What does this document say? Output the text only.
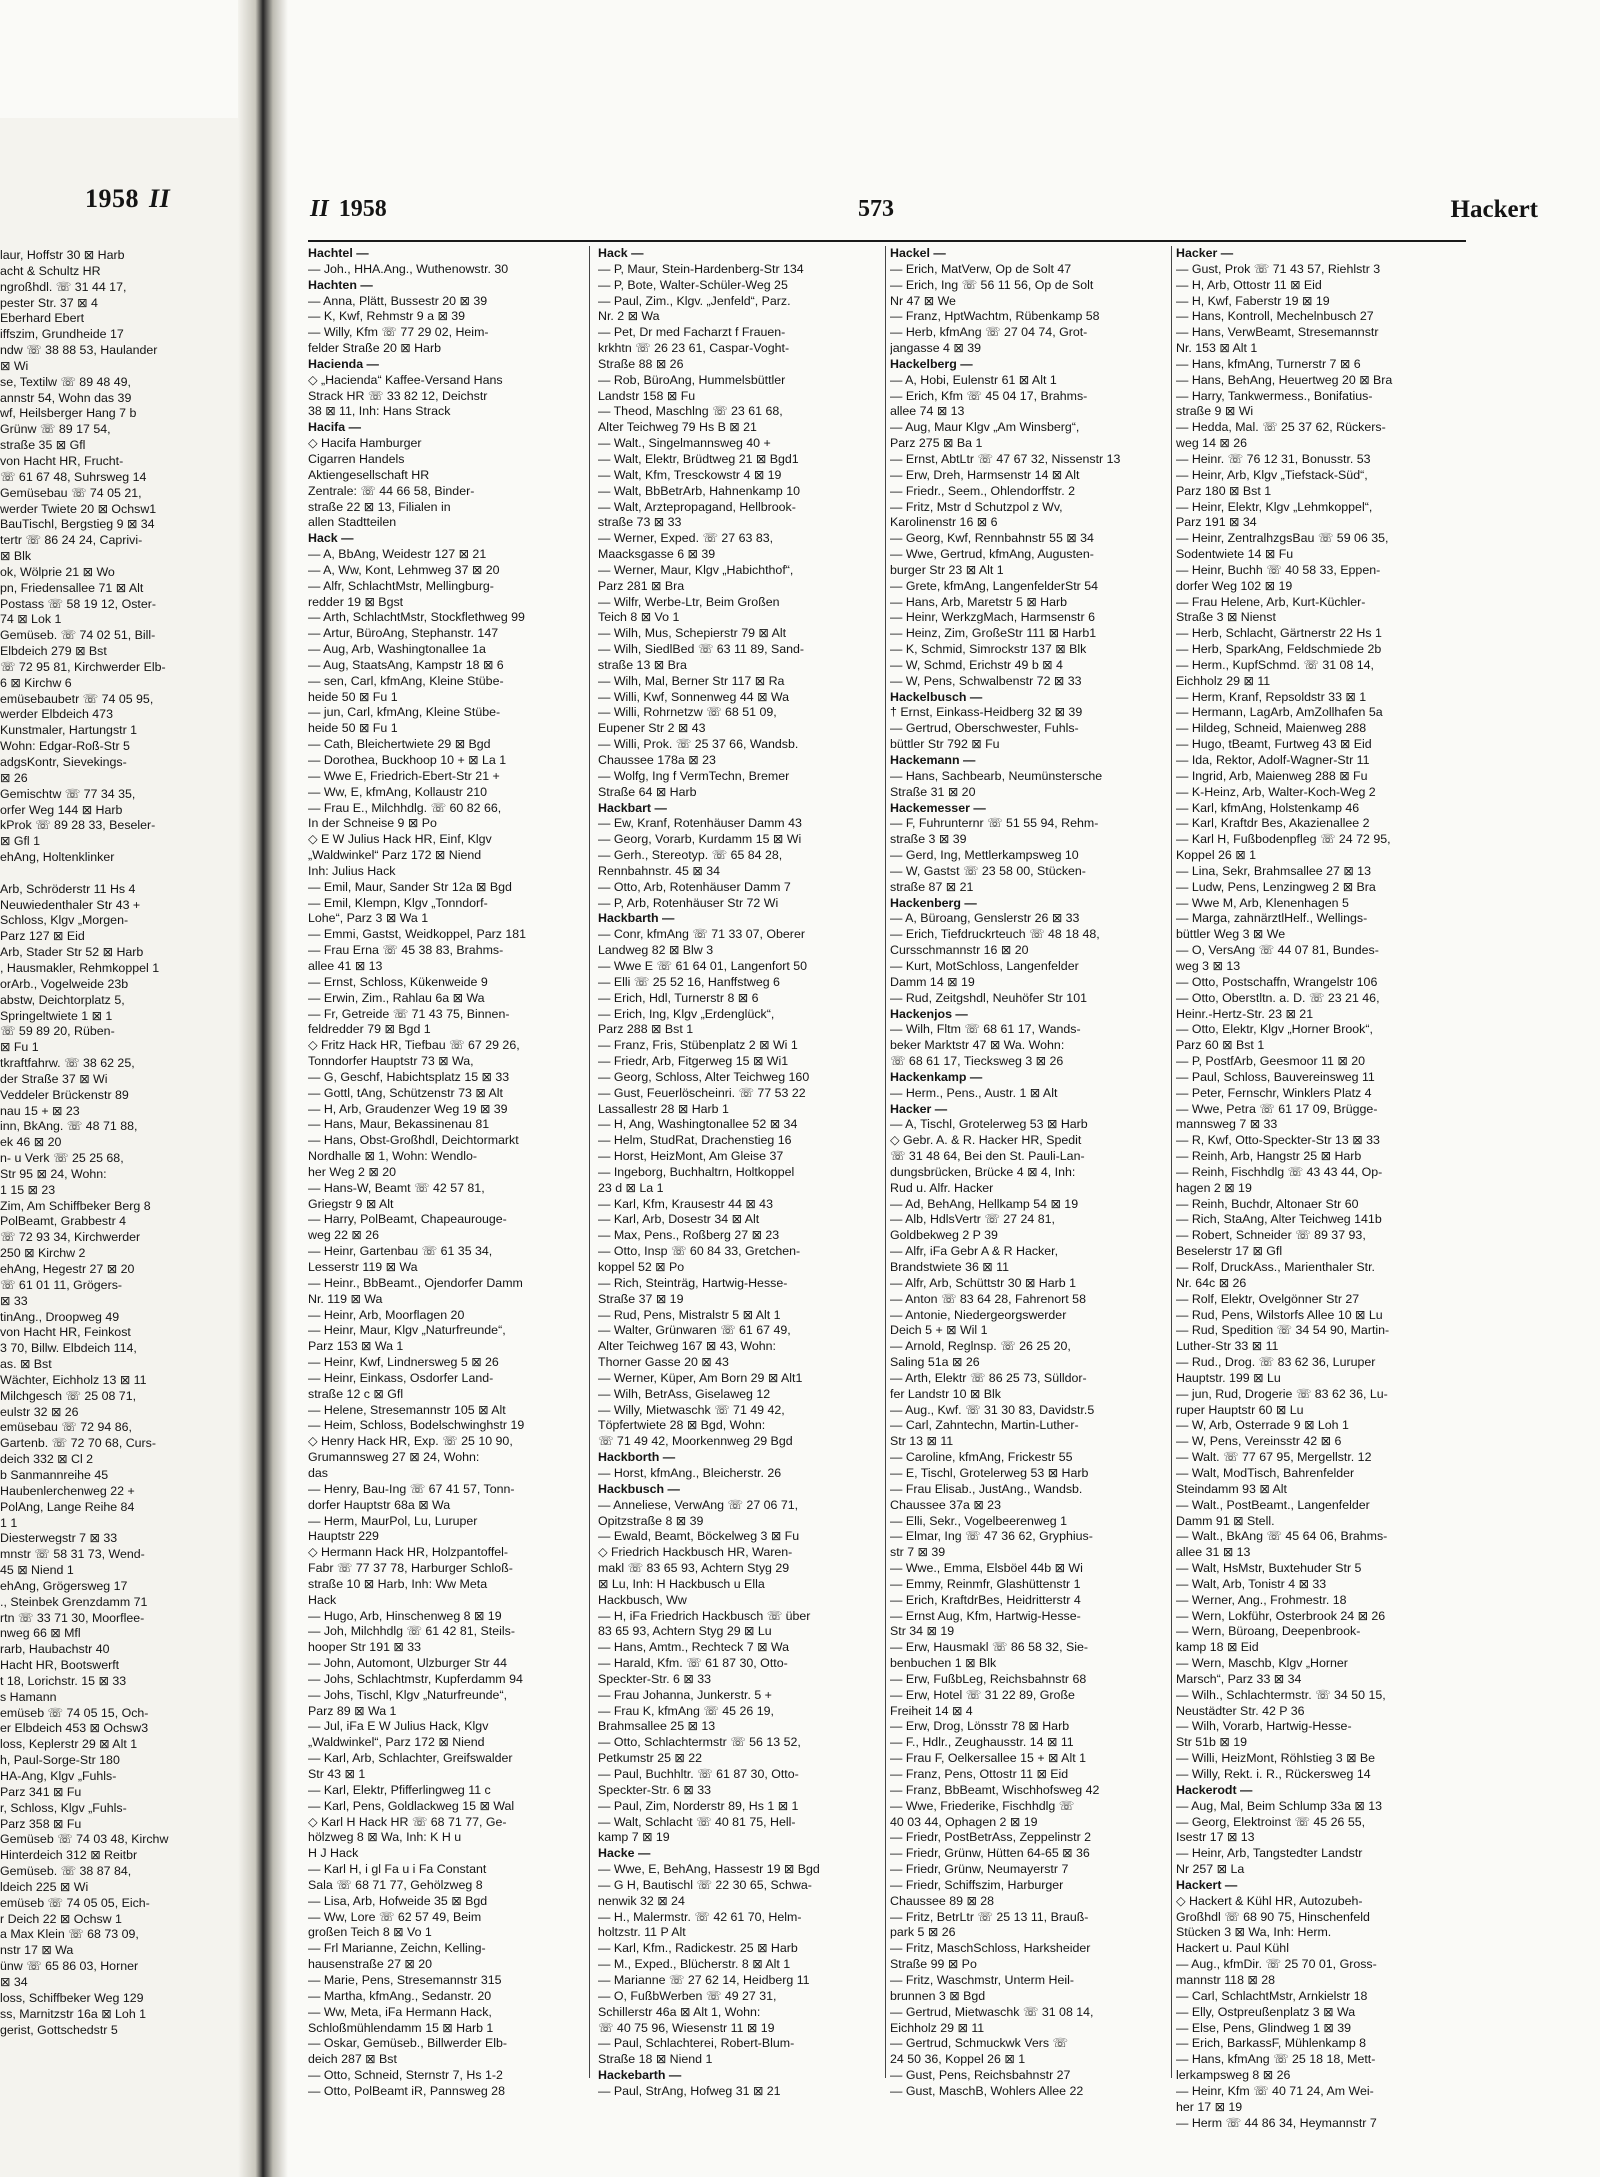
1958 II
laur, Hoffstr 30 ⊠ Harb
acht & Schultz HR
ngroßhdl. ☏ 31 44 17,
pester Str. 37 ⊠ 4
Eberhard Ebert
iffszim, Grundheide 17
ndw ☏ 38 88 53, Haulander
⊠ Wi
se, Textilw ☏ 89 48 49,
annstr 54, Wohn das 39
wf, Heilsberger Hang 7 b
Grünw ☏ 89 17 54,
straße 35 ⊠ Gfl
von Hacht HR, Frucht-
☏ 61 67 48, Suhrsweg 14
Gemüsebau ☏ 74 05 21,
werder Twiete 20 ⊠ Ochsw1
BauTischl, Bergstieg 9 ⊠ 34
tertr ☏ 86 24 24, Caprivi-
⊠ Blk
ok, Wölprie 21 ⊠ Wo
pn, Friedensallee 71 ⊠ Alt
Postass ☏ 58 19 12, Oster-
74 ⊠ Lok 1
Gemüseb. ☏ 74 02 51, Bill-
Elbdeich 279 ⊠ Bst
☏ 72 95 81, Kirchwerder Elb-
6 ⊠ Kirchw 6
emüsebaubetr ☏ 74 05 95,
werder Elbdeich 473
Kunstmaler, Hartungstr 1
Wohn: Edgar-Roß-Str 5
adgsKontr, Sievekings-
⊠ 26
Gemischtw ☏ 77 34 35,
orfer Weg 144 ⊠ Harb
kProk ☏ 89 28 33, Beseler-
⊠ Gfl 1
ehAng, Holtenklinker

Arb, Schröderstr 11 Hs 4
Neuwiedenthaler Str 43 +
Schloss, Klgv „Morgen-
Parz 127 ⊠ Eid
Arb, Stader Str 52 ⊠ Harb
, Hausmakler, Rehmkoppel 1
orArb., Vogelweide 23b
abstw, Deichtorplatz 5,
Springeltwiete 1 ⊠ 1
☏ 59 89 20, Rüben-
⊠ Fu 1
tkraftfahrw. ☏ 38 62 25,
der Straße 37 ⊠ Wi
Veddeler Brückenstr 89
nau 15 + ⊠ 23
inn, BkAng. ☏ 48 71 88,
ek 46 ⊠ 20
n- u Verk ☏ 25 25 68,
Str 95 ⊠ 24, Wohn:
1 15 ⊠ 23
Zim, Am Schiffbeker Berg 8
PolBeamt, Grabbestr 4
☏ 72 93 34, Kirchwerder
250 ⊠ Kirchw 2
ehAng, Hegestr 27 ⊠ 20
☏ 61 01 11, Grögers-
⊠ 33
tinAng., Droopweg 49
von Hacht HR, Feinkost
3 70, Billw. Elbdeich 114,
as. ⊠ Bst
Wächter, Eichholz 13 ⊠ 11
Milchgesch ☏ 25 08 71,
eulstr 32 ⊠ 26
emüsebau ☏ 72 94 86,
Gartenb. ☏ 72 70 68, Curs-
deich 332 ⊠ Cl 2
b Sanmannreihe 45
Haubenlerchenweg 22 +
PolAng, Lange Reihe 84
1 1
Diesterwegstr 7 ⊠ 33
mnstr ☏ 58 31 73, Wend-
45 ⊠ Niend 1
ehAng, Grögersweg 17
., Steinbek Grenzdamm 71
rtn ☏ 33 71 30, Moorflee-
nweg 66 ⊠ Mfl
rarb, Haubachstr 40
Hacht HR, Bootswerft
t 18, Lorichstr. 15 ⊠ 33
s Hamann
emüseb ☏ 74 05 15, Och-
er Elbdeich 453 ⊠ Ochsw3
loss, Keplerstr 29 ⊠ Alt 1
h, Paul-Sorge-Str 180
HA-Ang, Klgv „Fuhls-
Parz 341 ⊠ Fu
r, Schloss, Klgv „Fuhls-
Parz 358 ⊠ Fu
Gemüseb ☏ 74 03 48, Kirchw
Hinterdeich 312 ⊠ Reitbr
Gemüseb. ☏ 38 87 84,
ldeich 225 ⊠ Wi
emüseb ☏ 74 05 05, Eich-
r Deich 22 ⊠ Ochsw 1
a Max Klein ☏ 68 73 09,
nstr 17 ⊠ Wa
ünw ☏ 65 86 03, Horner
⊠ 34
loss, Schiffbeker Weg 129
ss, Marnitzstr 16a ⊠ Loh 1
gerist, Gottschedstr 5
II 1958	573	Hackert
Hachtel —
— Joh., HHA.Ang., Wuthenowstr. 30
Hachten —
— Anna, Plätt, Bussestr 20 ⊠ 39
— K, Kwf, Rehmstr 9 a ⊠ 39
— Willy, Kfm ☏ 77 29 02, Heim-
felder Straße 20 ⊠ Harb
Hacienda —
◇ „Hacienda“ Kaffee-Versand Hans
Strack HR ☏ 33 82 12, Deichstr
38 ⊠ 11, Inh: Hans Strack
Hacifa —
◇ Hacifa Hamburger
Cigarren Handels
Aktiengesellschaft HR
Zentrale: ☏ 44 66 58, Binder-
straße 22 ⊠ 13, Filialen in
allen Stadtteilen
Hack —
— A, BbAng, Weidestr 127 ⊠ 21
— A, Ww, Kont, Lehmweg 37 ⊠ 20
— Alfr, SchlachtMstr, Mellingburg-
redder 19 ⊠ Bgst
— Arth, SchlachtMstr, Stockflethweg 99
— Artur, BüroAng, Stephanstr. 147
— Aug, Arb, Washingtonallee 1a
— Aug, StaatsAng, Kampstr 18 ⊠ 6
— sen, Carl, kfmAng, Kleine Stübe-
heide 50 ⊠ Fu 1
— jun, Carl, kfmAng, Kleine Stübe-
heide 50 ⊠ Fu 1
— Cath, Bleichertwiete 29 ⊠ Bgd
— Dorothea, Buckhoop 10 + ⊠ La 1
— Wwe E, Friedrich-Ebert-Str 21 +
— Ww, E, kfmAng, Kollaustr 210
— Frau E., Milchhdlg. ☏ 60 82 66,
In der Schneise 9 ⊠ Po
◇ E W Julius Hack HR, Einf, Klgv
„Waldwinkel“ Parz 172 ⊠ Niend
Inh: Julius Hack
— Emil, Maur, Sander Str 12a ⊠ Bgd
— Emil, Klempn, Klgv „Tonndorf-
Lohe“, Parz 3 ⊠ Wa 1
— Emmi, Gastst, Weidkoppel, Parz 181
— Frau Erna ☏ 45 38 83, Brahms-
allee 41 ⊠ 13
— Ernst, Schloss, Kükenweide 9
— Erwin, Zim., Rahlau 6a ⊠ Wa
— Fr, Getreide ☏ 71 43 75, Binnen-
feldredder 79 ⊠ Bgd 1
◇ Fritz Hack HR, Tiefbau ☏ 67 29 26,
Tonndorfer Hauptstr 73 ⊠ Wa,
— G, Geschf, Habichtsplatz 15 ⊠ 33
— Gottl, tAng, Schützenstr 73 ⊠ Alt
— H, Arb, Graudenzer Weg 19 ⊠ 39
— Hans, Maur, Bekassinenau 81
— Hans, Obst-Großhdl, Deichtormarkt
Nordhalle ⊠ 1, Wohn: Wendlo-
her Weg 2 ⊠ 20
— Hans-W, Beamt ☏ 42 57 81,
Griegstr 9 ⊠ Alt
— Harry, PolBeamt, Chapeaurouge-
weg 22 ⊠ 26
— Heinr, Gartenbau ☏ 61 35 34,
Lesserstr 119 ⊠ Wa
— Heinr., BbBeamt., Ojendorfer Damm
Nr. 119 ⊠ Wa
— Heinr, Arb, Moorflagen 20
— Heinr, Maur, Klgv „Naturfreunde“,
Parz 153 ⊠ Wa 1
— Heinr, Kwf, Lindnersweg 5 ⊠ 26
— Heinr, Einkass, Osdorfer Land-
straße 12 c ⊠ Gfl
— Helene, Stresemannstr 105 ⊠ Alt
— Heim, Schloss, Bodelschwinghstr 19
◇ Henry Hack HR, Exp. ☏ 25 10 90,
Grumannsweg 27 ⊠ 24, Wohn:
das
— Henry, Bau-Ing ☏ 67 41 57, Tonn-
dorfer Hauptstr 68a ⊠ Wa
— Herm, MaurPol, Lu, Luruper
Hauptstr 229
◇ Hermann Hack HR, Holzpantoffel-
Fabr ☏ 77 37 78, Harburger Schloß-
straße 10 ⊠ Harb, Inh: Ww Meta
Hack
— Hugo, Arb, Hinschenweg 8 ⊠ 19
— Joh, Milchhdlg ☏ 61 42 81, Steils-
hooper Str 191 ⊠ 33
— John, Automont, Ulzburger Str 44
— Johs, Schlachtmstr, Kupferdamm 94
— Johs, Tischl, Klgv „Naturfreunde“,
Parz 89 ⊠ Wa 1
— Jul, iFa E W Julius Hack, Klgv
„Waldwinkel“, Parz 172 ⊠ Niend
— Karl, Arb, Schlachter, Greifswalder
Str 43 ⊠ 1
— Karl, Elektr, Pfifferlingweg 11 c
— Karl, Pens, Goldlackweg 15 ⊠ Wal
◇ Karl H Hack HR ☏ 68 71 77, Ge-
hölzweg 8 ⊠ Wa, Inh: K H u
H J Hack
— Karl H, i gl Fa u i Fa Constant
Sala ☏ 68 71 77, Gehölzweg 8
— Lisa, Arb, Hofweide 35 ⊠ Bgd
— Ww, Lore ☏ 62 57 49, Beim
großen Teich 8 ⊠ Vo 1
— Frl Marianne, Zeichn, Kelling-
hausenstraße 27 ⊠ 20
— Marie, Pens, Stresemannstr 315
— Martha, kfmAng., Sedanstr. 20
— Ww, Meta, iFa Hermann Hack,
Schloßmühlendamm 15 ⊠ Harb 1
— Oskar, Gemüseb., Billwerder Elb-
deich 287 ⊠ Bst
— Otto, Schneid, Sternstr 7, Hs 1-2
— Otto, PolBeamt iR, Pannsweg 28
Hack —
— P, Maur, Stein-Hardenberg-Str 134
— P, Bote, Walter-Schüler-Weg 25
— Paul, Zim., Klgv. „Jenfeld“, Parz.
Nr. 2 ⊠ Wa
— Pet, Dr med Facharzt f Frauen-
krkhtn ☏ 26 23 61, Caspar-Voght-
Straße 88 ⊠ 26
— Rob, BüroAng, Hummelsbüttler
Landstr 158 ⊠ Fu
— Theod, Maschlng ☏ 23 61 68,
Alter Teichweg 79 Hs B ⊠ 21
— Walt., Singelmannsweg 40 +
— Walt, Elektr, Brüdtweg 21 ⊠ Bgd1
— Walt, Kfm, Tresckowstr 4 ⊠ 19
— Walt, BbBetrArb, Hahnenkamp 10
— Walt, Arztepropagand, Hellbrook-
straße 73 ⊠ 33
— Werner, Exped. ☏ 27 63 83,
Maacksgasse 6 ⊠ 39
— Werner, Maur, Klgv „Habichthof“,
Parz 281 ⊠ Bra
— Wilfr, Werbe-Ltr, Beim Großen
Teich 8 ⊠ Vo 1
— Wilh, Mus, Schepierstr 79 ⊠ Alt
— Wilh, SiedlBed ☏ 63 11 89, Sand-
straße 13 ⊠ Bra
— Wilh, Mal, Berner Str 117 ⊠ Ra
— Willi, Kwf, Sonnenweg 44 ⊠ Wa
— Willi, Rohrnetzw ☏ 68 51 09,
Eupener Str 2 ⊠ 43
— Willi, Prok. ☏ 25 37 66, Wandsb.
Chaussee 178a ⊠ 23
— Wolfg, Ing f VermTechn, Bremer
Straße 64 ⊠ Harb
Hackbart —
— Ew, Kranf, Rotenhäuser Damm 43
— Georg, Vorarb, Kurdamm 15 ⊠ Wi
— Gerh., Stereotyp. ☏ 65 84 28,
Rennbahnstr. 45 ⊠ 34
— Otto, Arb, Rotenhäuser Damm 7
— P, Arb, Rotenhäuser Str 72 Wi
Hackbarth —
— Conr, kfmAng ☏ 71 33 07, Oberer
Landweg 82 ⊠ Blw 3
— Wwe E ☏ 61 64 01, Langenfort 50
— Elli ☏ 25 52 16, Hanffstweg 6
— Erich, Hdl, Turnerstr 8 ⊠ 6
— Erich, Ing, Klgv „Erdenglück“,
Parz 288 ⊠ Bst 1
— Franz, Fris, Stübenplatz 2 ⊠ Wi 1
— Friedr, Arb, Fitgerweg 15 ⊠ Wi1
— Georg, Schloss, Alter Teichweg 160
— Gust, Feuerlöscheinri. ☏ 77 53 22
Lassallestr 28 ⊠ Harb 1
— H, Ang, Washingtonallee 52 ⊠ 34
— Helm, StudRat, Drachenstieg 16
— Horst, HeizMont, Am Gleise 37
— Ingeborg, Buchhaltrn, Holtkoppel
23 d ⊠ La 1
— Karl, Kfm, Krausestr 44 ⊠ 43
— Karl, Arb, Dosestr 34 ⊠ Alt
— Max, Pens., Roßberg 27 ⊠ 23
— Otto, Insp ☏ 60 84 33, Gretchen-
koppel 52 ⊠ Po
— Rich, Steinträg, Hartwig-Hesse-
Straße 37 ⊠ 19
— Rud, Pens, Mistralstr 5 ⊠ Alt 1
— Walter, Grünwaren ☏ 61 67 49,
Alter Teichweg 167 ⊠ 43, Wohn:
Thorner Gasse 20 ⊠ 43
— Werner, Küper, Am Born 29 ⊠ Alt1
— Wilh, BetrAss, Giselaweg 12
— Willy, Mietwaschk ☏ 71 49 42,
Töpfertwiete 28 ⊠ Bgd, Wohn:
☏ 71 49 42, Moorkennweg 29 Bgd
Hackborth —
— Horst, kfmAng., Bleicherstr. 26
Hackbusch —
— Anneliese, VerwAng ☏ 27 06 71,
Opitzstraße 8 ⊠ 39
— Ewald, Beamt, Böckelweg 3 ⊠ Fu
◇ Friedrich Hackbusch HR, Waren-
makl ☏ 83 65 93, Achtern Styg 29
⊠ Lu, Inh: H Hackbusch u Ella
Hackbusch, Ww
— H, iFa Friedrich Hackbusch ☏ über
83 65 93, Achtern Styg 29 ⊠ Lu
— Hans, Amtm., Rechteck 7 ⊠ Wa
— Harald, Kfm. ☏ 61 87 30, Otto-
Speckter-Str. 6 ⊠ 33
— Frau Johanna, Junkerstr. 5 +
— Frau K, kfmAng ☏ 45 26 19,
Brahmsallee 25 ⊠ 13
— Otto, Schlachtermstr ☏ 56 13 52,
Petkumstr 25 ⊠ 22
— Paul, Buchhltr. ☏ 61 87 30, Otto-
Speckter-Str. 6 ⊠ 33
— Paul, Zim, Norderstr 89, Hs 1 ⊠ 1
— Walt, Schlacht ☏ 40 81 75, Hell-
kamp 7 ⊠ 19
Hacke —
— Wwe, E, BehAng, Hassestr 19 ⊠ Bgd
— G H, Bautischl ☏ 22 30 65, Schwa-
nenwik 32 ⊠ 24
— H., Malermstr. ☏ 42 61 70, Helm-
holtzstr. 11 P Alt
— Karl, Kfm., Radickestr. 25 ⊠ Harb
— M., Exped., Blücherstr. 8 ⊠ Alt 1
— Marianne ☏ 27 62 14, Heidberg 11
— O, FußbWerben ☏ 49 27 31,
Schillerstr 46a ⊠ Alt 1, Wohn:
☏ 40 75 96, Wiesenstr 11 ⊠ 19
— Paul, Schlachterei, Robert-Blum-
Straße 18 ⊠ Niend 1
Hackebarth —
— Paul, StrAng, Hofweg 31 ⊠ 21
Hackel —
— Erich, MatVerw, Op de Solt 47
— Erich, Ing ☏ 56 11 56, Op de Solt
Nr 47 ⊠ We
— Franz, HptWachtm, Rübenkamp 58
— Herb, kfmAng ☏ 27 04 74, Grot-
jangasse 4 ⊠ 39
Hackelberg —
— A, Hobi, Eulenstr 61 ⊠ Alt 1
— Erich, Kfm ☏ 45 04 17, Brahms-
allee 74 ⊠ 13
— Aug, Maur Klgv „Am Winsberg“,
Parz 275 ⊠ Ba 1
— Ernst, AbtLtr ☏ 47 67 32, Nissenstr 13
— Erw, Dreh, Harmsenstr 14 ⊠ Alt
— Friedr., Seem., Ohlendorffstr. 2
— Fritz, Mstr d Schutzpol z Wv,
Karolinenstr 16 ⊠ 6
— Georg, Kwf, Rennbahnstr 55 ⊠ 34
— Wwe, Gertrud, kfmAng, Augusten-
burger Str 23 ⊠ Alt 1
— Grete, kfmAng, LangenfelderStr 54
— Hans, Arb, Maretstr 5 ⊠ Harb
— Heinr, WerkzgMach, Harmsenstr 6
— Heinz, Zim, GroßeStr 111 ⊠ Harb1
— K, Schmid, Simrockstr 137 ⊠ Blk
— W, Schmd, Erichstr 49 b ⊠ 4
— W, Pens, Schwalbenstr 72 ⊠ 33
Hackelbusch —
† Ernst, Einkass-Heidberg 32 ⊠ 39
— Gertrud, Oberschwester, Fuhls-
büttler Str 792 ⊠ Fu
Hackemann —
— Hans, Sachbearb, Neumünstersche
Straße 31 ⊠ 20
Hackemesser —
— F, Fuhrunternr ☏ 51 55 94, Rehm-
straße 3 ⊠ 39
— Gerd, Ing, Mettlerkampsweg 10
— W, Gastst ☏ 23 58 00, Stücken-
straße 87 ⊠ 21
Hackenberg —
— A, Büroang, Genslerstr 26 ⊠ 33
— Erich, Tiefdruckrteuch ☏ 48 18 48,
Cursschmannstr 16 ⊠ 20
— Kurt, MotSchloss, Langenfelder
Damm 14 ⊠ 19
— Rud, Zeitgshdl, Neuhöfer Str 101
Hackenjos —
— Wilh, Fltm ☏ 68 61 17, Wands-
beker Marktstr 47 ⊠ Wa. Wohn:
☏ 68 61 17, Tiecksweg 3 ⊠ 26
Hackenkamp —
— Herm., Pens., Austr. 1 ⊠ Alt
Hacker —
— A, Tischl, Grotelerweg 53 ⊠ Harb
◇ Gebr. A. & R. Hacker HR, Spedit
☏ 31 48 64, Bei den St. Pauli-Lan-
dungsbrücken, Brücke 4 ⊠ 4, Inh:
Rud u. Alfr. Hacker
— Ad, BehAng, Hellkamp 54 ⊠ 19
— Alb, HdlsVertr ☏ 27 24 81,
Goldbekweg 2 P 39
— Alfr, iFa Gebr A & R Hacker,
Brandstwiete 36 ⊠ 11
— Alfr, Arb, Schüttstr 30 ⊠ Harb 1
— Anton ☏ 83 64 28, Fahrenort 58
— Antonie, Niedergeorgswerder
Deich 5 + ⊠ Wil 1
— Arnold, Reglnsp. ☏ 26 25 20,
Saling 51a ⊠ 26
— Arth, Elektr ☏ 86 25 73, Sülldor-
fer Landstr 10 ⊠ Blk
— Aug., Kwf. ☏ 31 30 83, Davidstr.5
— Carl, Zahntechn, Martin-Luther-
Str 13 ⊠ 11
— Caroline, kfmAng, Frickestr 55
— E, Tischl, Grotelerweg 53 ⊠ Harb
— Frau Elisab., JustAng., Wandsb.
Chaussee 37a ⊠ 23
— Elli, Sekr., Vogelbeerenweg 1
— Elmar, Ing ☏ 47 36 62, Gryphius-
str 7 ⊠ 39
— Wwe., Emma, Elsböel 44b ⊠ Wi
— Emmy, Reinmfr, Glashüttenstr 1
— Erich, KraftdrBes, Heidritterstr 4
— Ernst Aug, Kfm, Hartwig-Hesse-
Str 34 ⊠ 19
— Erw, Hausmakl ☏ 86 58 32, Sie-
benbuchen 1 ⊠ Blk
— Erw, FußbLeg, Reichsbahnstr 68
— Erw, Hotel ☏ 31 22 89, Große
Freiheit 14 ⊠ 4
— Erw, Drog, Lönsstr 78 ⊠ Harb
— F., Hdlr., Zeughausstr. 14 ⊠ 11
— Frau F, Oelkersallee 15 + ⊠ Alt 1
— Franz, Pens, Ottostr 11 ⊠ Eid
— Franz, BbBeamt, Wischhofsweg 42
— Wwe, Friederike, Fischhdlg ☏
40 03 44, Ophagen 2 ⊠ 19
— Friedr, PostBetrAss, Zeppelinstr 2
— Friedr, Grünw, Hütten 64-65 ⊠ 36
— Friedr, Grünw, Neumayerstr 7
— Friedr, Schiffszim, Harburger
Chaussee 89 ⊠ 28
— Fritz, BetrLtr ☏ 25 13 11, Brauß-
park 5 ⊠ 26
— Fritz, MaschSchloss, Harksheider
Straße 99 ⊠ Po
— Fritz, Waschmstr, Unterm Heil-
brunnen 3 ⊠ Bgd
— Gertrud, Mietwaschk ☏ 31 08 14,
Eichholz 29 ⊠ 11
— Gertrud, Schmuckwk Vers ☏
24 50 36, Koppel 26 ⊠ 1
— Gust, Pens, Reichsbahnstr 27
— Gust, MaschB, Wohlers Allee 22
Hacker —
— Gust, Prok ☏ 71 43 57, Riehlstr 3
— H, Arb, Ottostr 11 ⊠ Eid
— H, Kwf, Faberstr 19 ⊠ 19
— Hans, Kontroll, Mechelnbusch 27
— Hans, VerwBeamt, Stresemannstr
Nr. 153 ⊠ Alt 1
— Hans, kfmAng, Turnerstr 7 ⊠ 6
— Hans, BehAng, Heuertweg 20 ⊠ Bra
— Harry, Tankwermess., Bonifatius-
straße 9 ⊠ Wi
— Hedda, Mal. ☏ 25 37 62, Rückers-
weg 14 ⊠ 26
— Heinr. ☏ 76 12 31, Bonusstr. 53
— Heinr, Arb, Klgv „Tiefstack-Süd“,
Parz 180 ⊠ Bst 1
— Heinr, Elektr, Klgv „Lehmkoppel“,
Parz 191 ⊠ 34
— Heinr, ZentralhzgsBau ☏ 59 06 35,
Sodentwiete 14 ⊠ Fu
— Heinr, Buchh ☏ 40 58 33, Eppen-
dorfer Weg 102 ⊠ 19
— Frau Helene, Arb, Kurt-Küchler-
Straße 3 ⊠ Nienst
— Herb, Schlacht, Gärtnerstr 22 Hs 1
— Herb, SparkAng, Feldschmiede 2b
— Herm., KupfSchmd. ☏ 31 08 14,
Eichholz 29 ⊠ 11
— Herm, Kranf, Repsoldstr 33 ⊠ 1
— Hermann, LagArb, AmZollhafen 5a
— Hildeg, Schneid, Maienweg 288
— Hugo, tBeamt, Furtweg 43 ⊠ Eid
— Ida, Rektor, Adolf-Wagner-Str 11
— Ingrid, Arb, Maienweg 288 ⊠ Fu
— K-Heinz, Arb, Walter-Koch-Weg 2
— Karl, kfmAng, Holstenkamp 46
— Karl, Kraftdr Bes, Akazienallee 2
— Karl H, Fußbodenpfleg ☏ 24 72 95,
Koppel 26 ⊠ 1
— Lina, Sekr, Brahmsallee 27 ⊠ 13
— Ludw, Pens, Lenzingweg 2 ⊠ Bra
— Wwe M, Arb, Klenenhagen 5
— Marga, zahnärztlHelf., Wellings-
büttler Weg 3 ⊠ We
— O, VersAng ☏ 44 07 81, Bundes-
weg 3 ⊠ 13
— Otto, Postschaffn, Wrangelstr 106
— Otto, Oberstltn. a. D. ☏ 23 21 46,
Heinr.-Hertz-Str. 23 ⊠ 21
— Otto, Elektr, Klgv „Horner Brook“,
Parz 60 ⊠ Bst 1
— P, PostfArb, Geesmoor 11 ⊠ 20
— Paul, Schloss, Bauvereinsweg 11
— Peter, Fernschr, Winklers Platz 4
— Wwe, Petra ☏ 61 17 09, Brügge-
mannsweg 7 ⊠ 33
— R, Kwf, Otto-Speckter-Str 13 ⊠ 33
— Reinh, Arb, Hangstr 25 ⊠ Harb
— Reinh, Fischhdlg ☏ 43 43 44, Op-
hagen 2 ⊠ 19
— Reinh, Buchdr, Altonaer Str 60
— Rich, StaAng, Alter Teichweg 141b
— Robert, Schneider ☏ 89 37 93,
Beselerstr 17 ⊠ Gfl
— Rolf, DruckAss., Marienthaler Str.
Nr. 64c ⊠ 26
— Rolf, Elektr, Ovelgönner Str 27
— Rud, Pens, Wilstorfs Allee 10 ⊠ Lu
— Rud, Spedition ☏ 34 54 90, Martin-
Luther-Str 33 ⊠ 11
— Rud., Drog. ☏ 83 62 36, Luruper
Hauptstr. 199 ⊠ Lu
— jun, Rud, Drogerie ☏ 83 62 36, Lu-
ruper Hauptstr 60 ⊠ Lu
— W, Arb, Osterrade 9 ⊠ Loh 1
— W, Pens, Vereinsstr 42 ⊠ 6
— Walt. ☏ 77 67 95, Mergellstr. 12
— Walt, ModTisch, Bahrenfelder
Steindamm 93 ⊠ Alt
— Walt., PostBeamt., Langenfelder
Damm 91 ⊠ Stell.
— Walt., BkAng ☏ 45 64 06, Brahms-
allee 31 ⊠ 13
— Walt, HsMstr, Buxtehuder Str 5
— Walt, Arb, Tonistr 4 ⊠ 33
— Werner, Ang., Frohmestr. 18
— Wern, Lokführ, Osterbrook 24 ⊠ 26
— Wern, Büroang, Deepenbrook-
kamp 18 ⊠ Eid
— Wern, Maschb, Klgv „Horner
Marsch“, Parz 33 ⊠ 34
— Wilh., Schlachtermstr. ☏ 34 50 15,
Neustädter Str. 42 P 36
— Wilh, Vorarb, Hartwig-Hesse-
Str 51b ⊠ 19
— Willi, HeizMont, Röhlstieg 3 ⊠ Be
— Willy, Rekt. i. R., Rückersweg 14
Hackerodt —
— Aug, Mal, Beim Schlump 33a ⊠ 13
— Georg, Elektroinst ☏ 45 26 55,
Isestr 17 ⊠ 13
— Heinr, Arb, Tangstedter Landstr
Nr 257 ⊠ La
Hackert —
◇ Hackert & Kühl HR, Autozubeh-
Großhdl ☏ 68 90 75, Hinschenfeld
Stücken 3 ⊠ Wa, Inh: Herm.
Hackert u. Paul Kühl
— Aug., kfmDir. ☏ 25 70 01, Gross-
mannstr 118 ⊠ 28
— Carl, SchlachtMstr, Arnkielstr 18
— Elly, Ostpreußenplatz 3 ⊠ Wa
— Else, Pens, Glindweg 1 ⊠ 39
— Erich, BarkassF, Mühlenkamp 8
— Hans, kfmAng ☏ 25 18 18, Mett-
lerkampsweg 8 ⊠ 26
— Heinr, Kfm ☏ 40 71 24, Am Wei-
her 17 ⊠ 19
— Herm ☏ 44 86 34, Heymannstr 7
